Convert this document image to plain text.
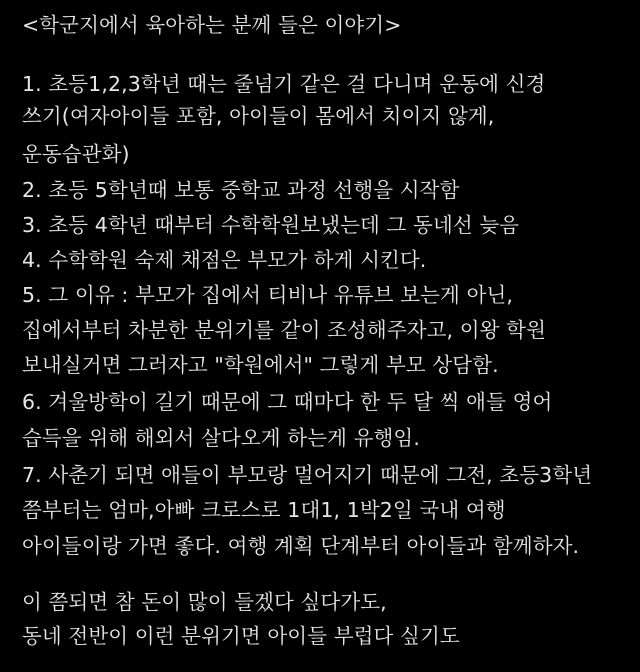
<학군지에서 육아하는 분께 들은 이야기>
1. 초등1,2,3학년 때는 줄넘기 같은 걸 다니며 운동에 신경
쓰기(여자아이들 포함, 아이들이 몸에서 치이지 않게,
운동습관화)
2. 초등 5학년때 보통 중학교 과정 선행을 시작함
3. 초등 4학년 때부터 수학학원보냈는데 그 동네선 늦음
4. 수학학원 숙제 채점은 부모가 하게 시킨다.
5. 그 이유 : 부모가 집에서 티비나 유튜브 보는게 아닌,
집에서부터 차분한 분위기를 같이 조성해주자고, 이왕 학원
보내실거면 그러자고 "학원에서" 그렇게 부모 상담함.
6. 겨울방학이 길기 때문에 그 때마다 한 두 달 씩 애들 영어
습득을 위해 해외서 살다오게 하는게 유행임.
7. 사춘기 되면 애들이 부모랑 멀어지기 때문에 그전, 초등3학년
쯤부터는 엄마,아빠 크로스로 1대1, 1박2일 국내 여행
아이들이랑 가면 좋다. 여행 계획 단계부터 아이들과 함께하자.
이 쯤되면 참 돈이 많이 들겠다 싶다가도,
동네 전반이 이런 분위기면 아이들 부럽다 싶기도
